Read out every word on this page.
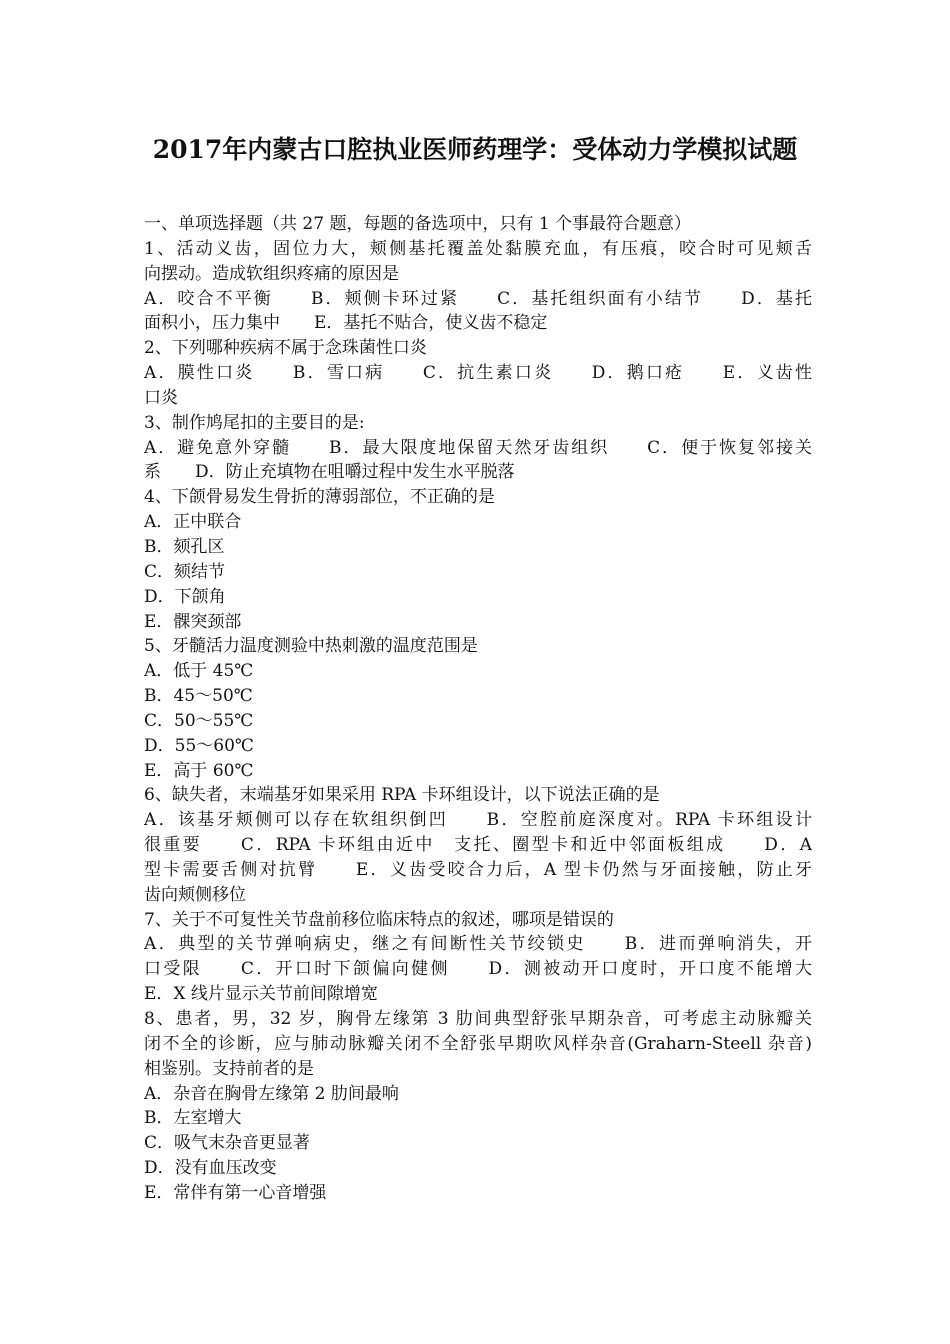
2017年内蒙古口腔执业医师药理学：受体动力学模拟试题
一、单项选择题（共 27 题，每题的备选项中，只有 1 个事最符合题意）
1、活动义齿，固位力大，颊侧基托覆盖处黏膜充血，有压痕，咬合时可见颊舌
向摆动。造成软组织疼痛的原因是
A．咬合不平衡　　B．颊侧卡环过紧　　C．基托组织面有小结节　　D．基托
面积小，压力集中　　E．基托不贴合，使义齿不稳定
2、下列哪种疾病不属于念珠菌性口炎
A．膜性口炎　　B．雪口病　　C．抗生素口炎　　D．鹅口疮　　E．义齿性
口炎
3、制作鸠尾扣的主要目的是:
A．避免意外穿髓　　B．最大限度地保留天然牙齿组织　　C．便于恢复邻接关
系　　D．防止充填物在咀嚼过程中发生水平脱落
4、下颌骨易发生骨折的薄弱部位，不正确的是
A．正中联合
B．颏孔区
C．颏结节
D．下颌角
E．髁突颈部
5、牙髓活力温度测验中热刺激的温度范围是
A．低于 45℃
B．45～50℃
C．50～55℃
D．55～60℃
E．高于 60℃
6、缺失者，末端基牙如果采用 RPA 卡环组设计，以下说法正确的是
A．该基牙颊侧可以存在软组织倒凹　　B．空腔前庭深度对。RPA 卡环组设计
很重要　　C．RPA 卡环组由近中　支托、圈型卡和近中邻面板组成　　D．A
型卡需要舌侧对抗臂　　E．义齿受咬合力后，A 型卡仍然与牙面接触，防止牙
齿向颊侧移位
7、关于不可复性关节盘前移位临床特点的叙述，哪项是错误的
A．典型的关节弹响病史，继之有间断性关节绞锁史　　B．进而弹响消失，开
口受限　　C．开口时下颌偏向健侧　　D．测被动开口度时，开口度不能增大
E．X 线片显示关节前间隙增宽
8、患者，男，32 岁，胸骨左缘第 3 肋间典型舒张早期杂音，可考虑主动脉瓣关
闭不全的诊断，应与肺动脉瓣关闭不全舒张早期吹风样杂音(Graharn-Steell 杂音)
相鉴别。支持前者的是
A．杂音在胸骨左缘第 2 肋间最响
B．左室增大
C．吸气末杂音更显著
D．没有血压改变
E．常伴有第一心音增强
